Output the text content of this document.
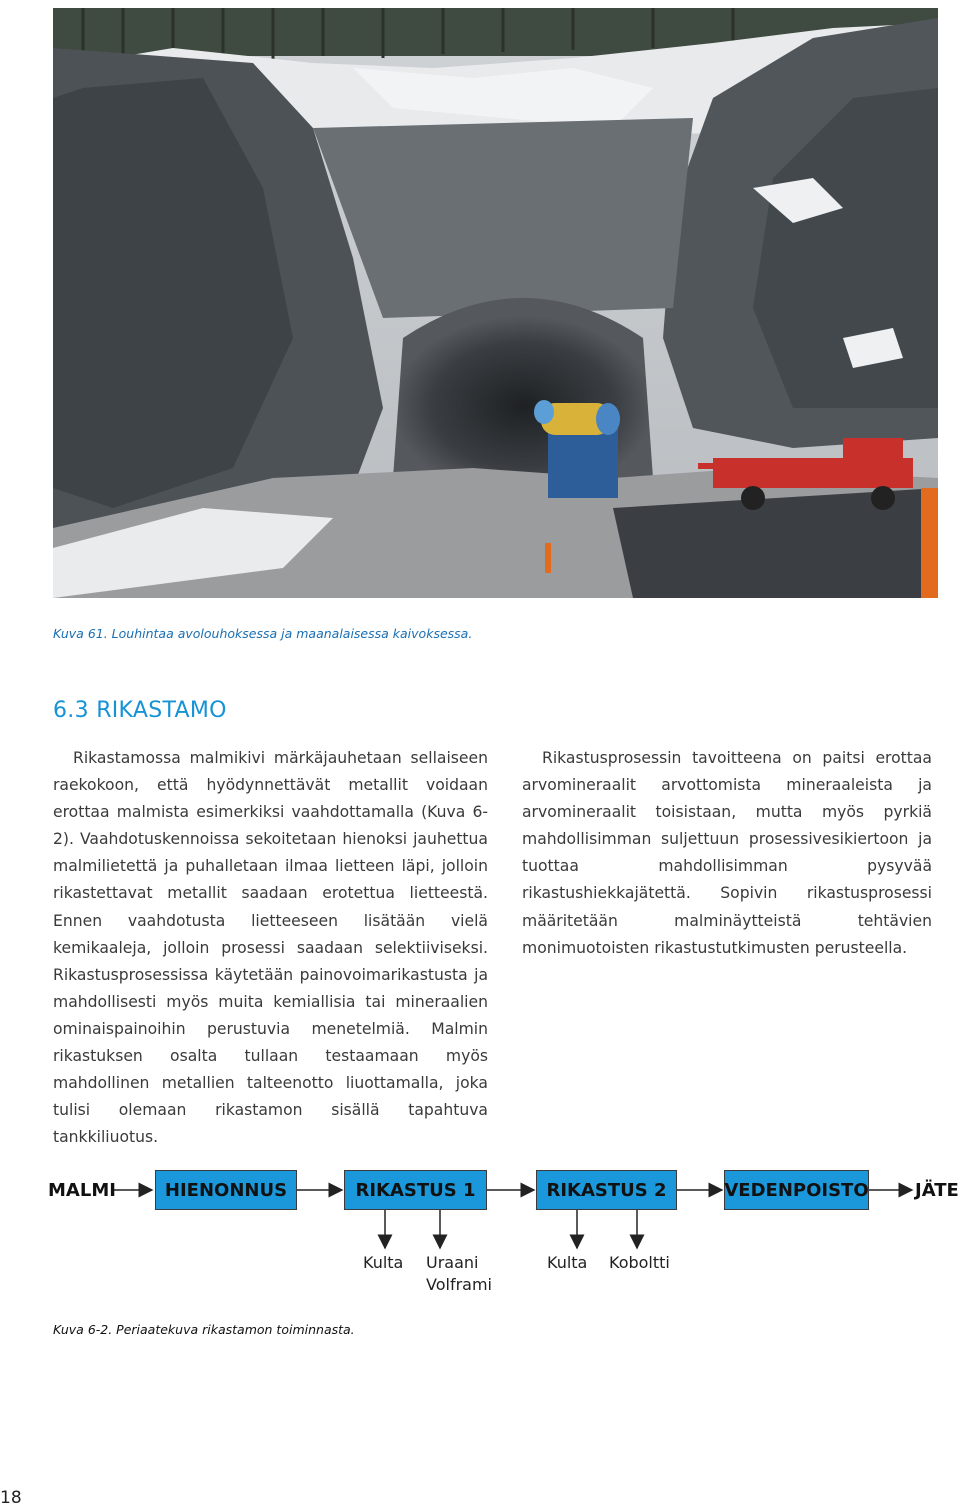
Kuva 61. Louhintaa avolouhoksessa ja maanalaisessa kaivoksessa.
6.3 RIKASTAMO

Rikastamossa malmikivi märkäjauhetaan sellaiseen raekokoon, että hyödynnettävät metallit voidaan erottaa malmista esimerkiksi vaahdottamalla (Kuva 6-2). Vaahdotuskennoissa sekoitetaan hienoksi jauhettua malmilietettä ja puhalletaan ilmaa lietteen läpi, jolloin rikastettavat metallit saadaan erotettua lietteestä. Ennen vaahdotusta lietteeseen lisätään vielä kemikaaleja, jolloin prosessi saadaan selektiiviseksi. Rikastusprosessissa käytetään painovoimarikastusta ja mahdollisesti myös muita kemiallisia tai mineraalien ominaispainoihin perustuvia menetelmiä. Malmin rikastuksen osalta tullaan testaamaan myös mahdollinen metallien talteenotto liuottamalla, joka tulisi olemaan rikastamon sisällä tapahtuva tankkiliuotus.

Rikastusprosessin tavoitteena on paitsi erottaa arvomineraalit arvottomista mineraaleista ja arvomineraalit toisistaan, mutta myös pyrkiä mahdollisimman suljettuun prosessivesikiertoon ja tuottaa mahdollisimman pysyvää rikastushiekkajätettä. Sopivin rikastusprosessi määritetään malminäytteistä tehtävien monimuotoisten rikastustutkimusten perusteella.

MALMI	HIENONNUS	RIKASTUS 1	RIKASTUS 2	VEDENPOISTO	JÄTE
Kulta Uraani
Volframi
Kulta Koboltti
Kuva 6-2. Periaatekuva rikastamon toiminnasta.
18
